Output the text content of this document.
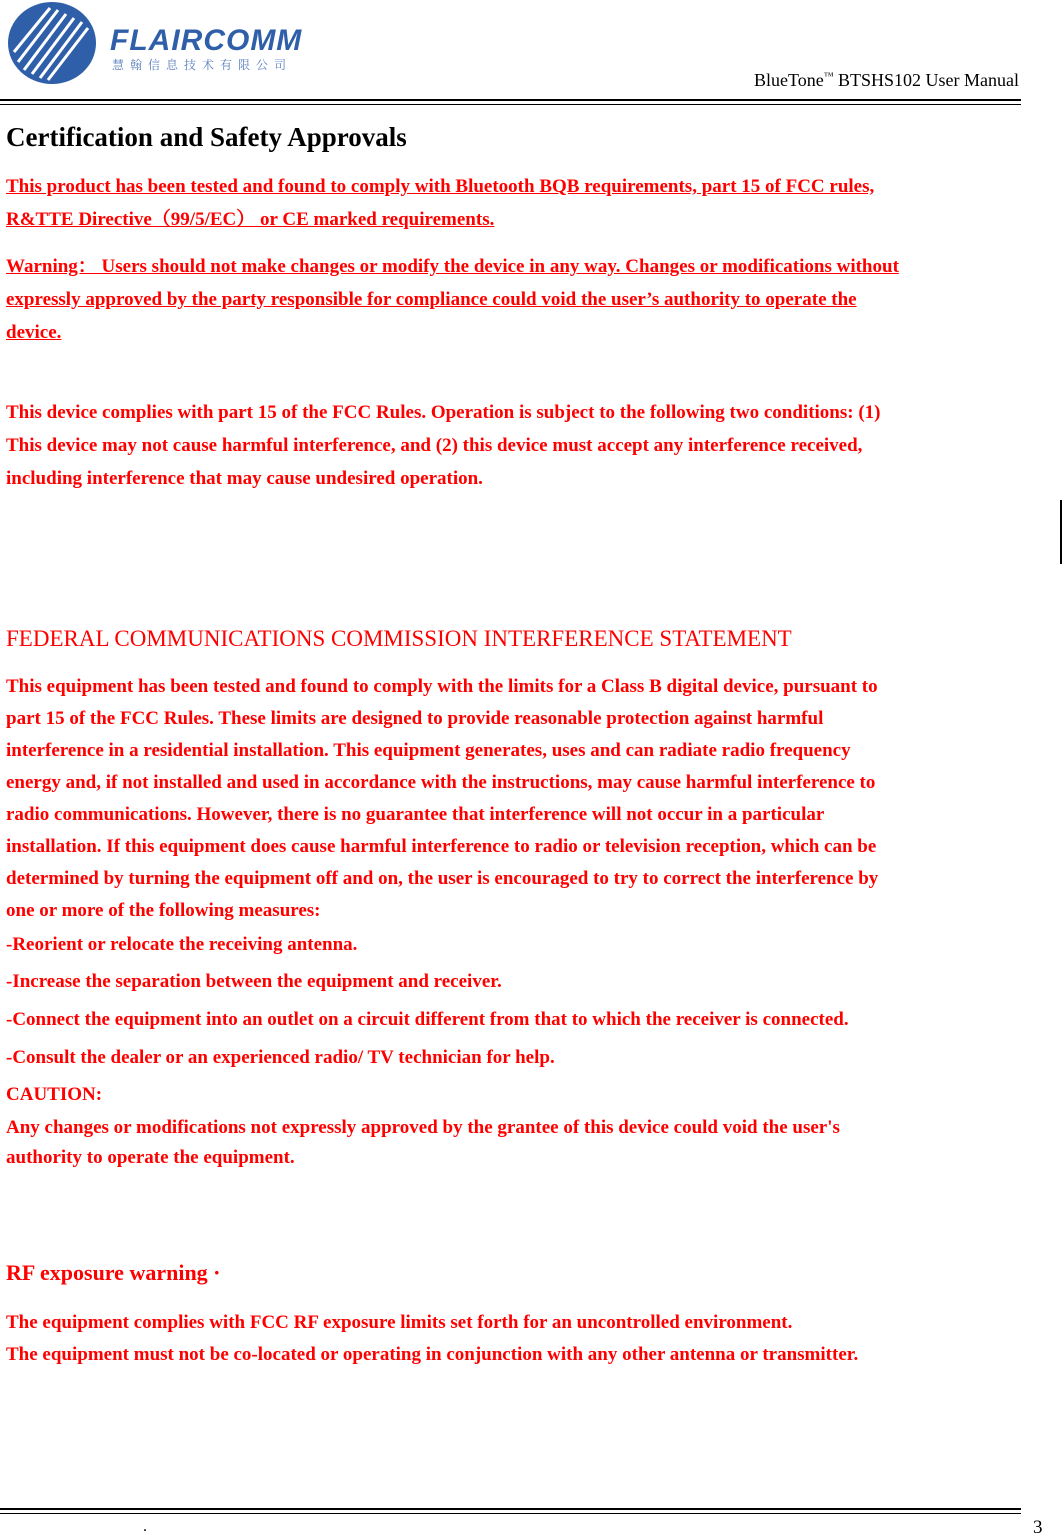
FLAIRCOMM
慧翰信息技术有限公司
BlueTone™ BTSHS102 User Manual
Certification and Safety Approvals

This product has been tested and found to comply with Bluetooth BQB requirements, part 15 of FCC rules,

R&TTE Directive（99/5/EC） or CE marked requirements.

Warning： Users should not make changes or modify the device in any way. Changes or modifications without

expressly approved by the party responsible for compliance could void the user’s authority to operate the

device.

This device complies with part 15 of the FCC Rules. Operation is subject to the following two conditions: (1)

This device may not cause harmful interference, and (2) this device must accept any interference received,

including interference that may cause undesired operation.

FEDERAL COMMUNICATIONS COMMISSION INTERFERENCE STATEMENT

This equipment has been tested and found to comply with the limits for a Class B digital device, pursuant to

part 15 of the FCC Rules. These limits are designed to provide reasonable protection against harmful

interference in a residential installation. This equipment generates, uses and can radiate radio frequency

energy and, if not installed and used in accordance with the instructions, may cause harmful interference to

radio communications. However, there is no guarantee that interference will not occur in a particular

installation. If this equipment does cause harmful interference to radio or television reception, which can be

determined by turning the equipment off and on, the user is encouraged to try to correct the interference by

one or more of the following measures:

-Reorient or relocate the receiving antenna.

-Increase the separation between the equipment and receiver.

-Connect the equipment into an outlet on a circuit different from that to which the receiver is connected.

-Consult the dealer or an experienced radio/ TV technician for help.

CAUTION:

Any changes or modifications not expressly approved by the grantee of this device could void the user's

authority to operate the equipment.

RF exposure warning ·

The equipment complies with FCC RF exposure limits set forth for an uncontrolled environment.

The equipment must not be co-located or operating in conjunction with any other antenna or transmitter.

.	3
